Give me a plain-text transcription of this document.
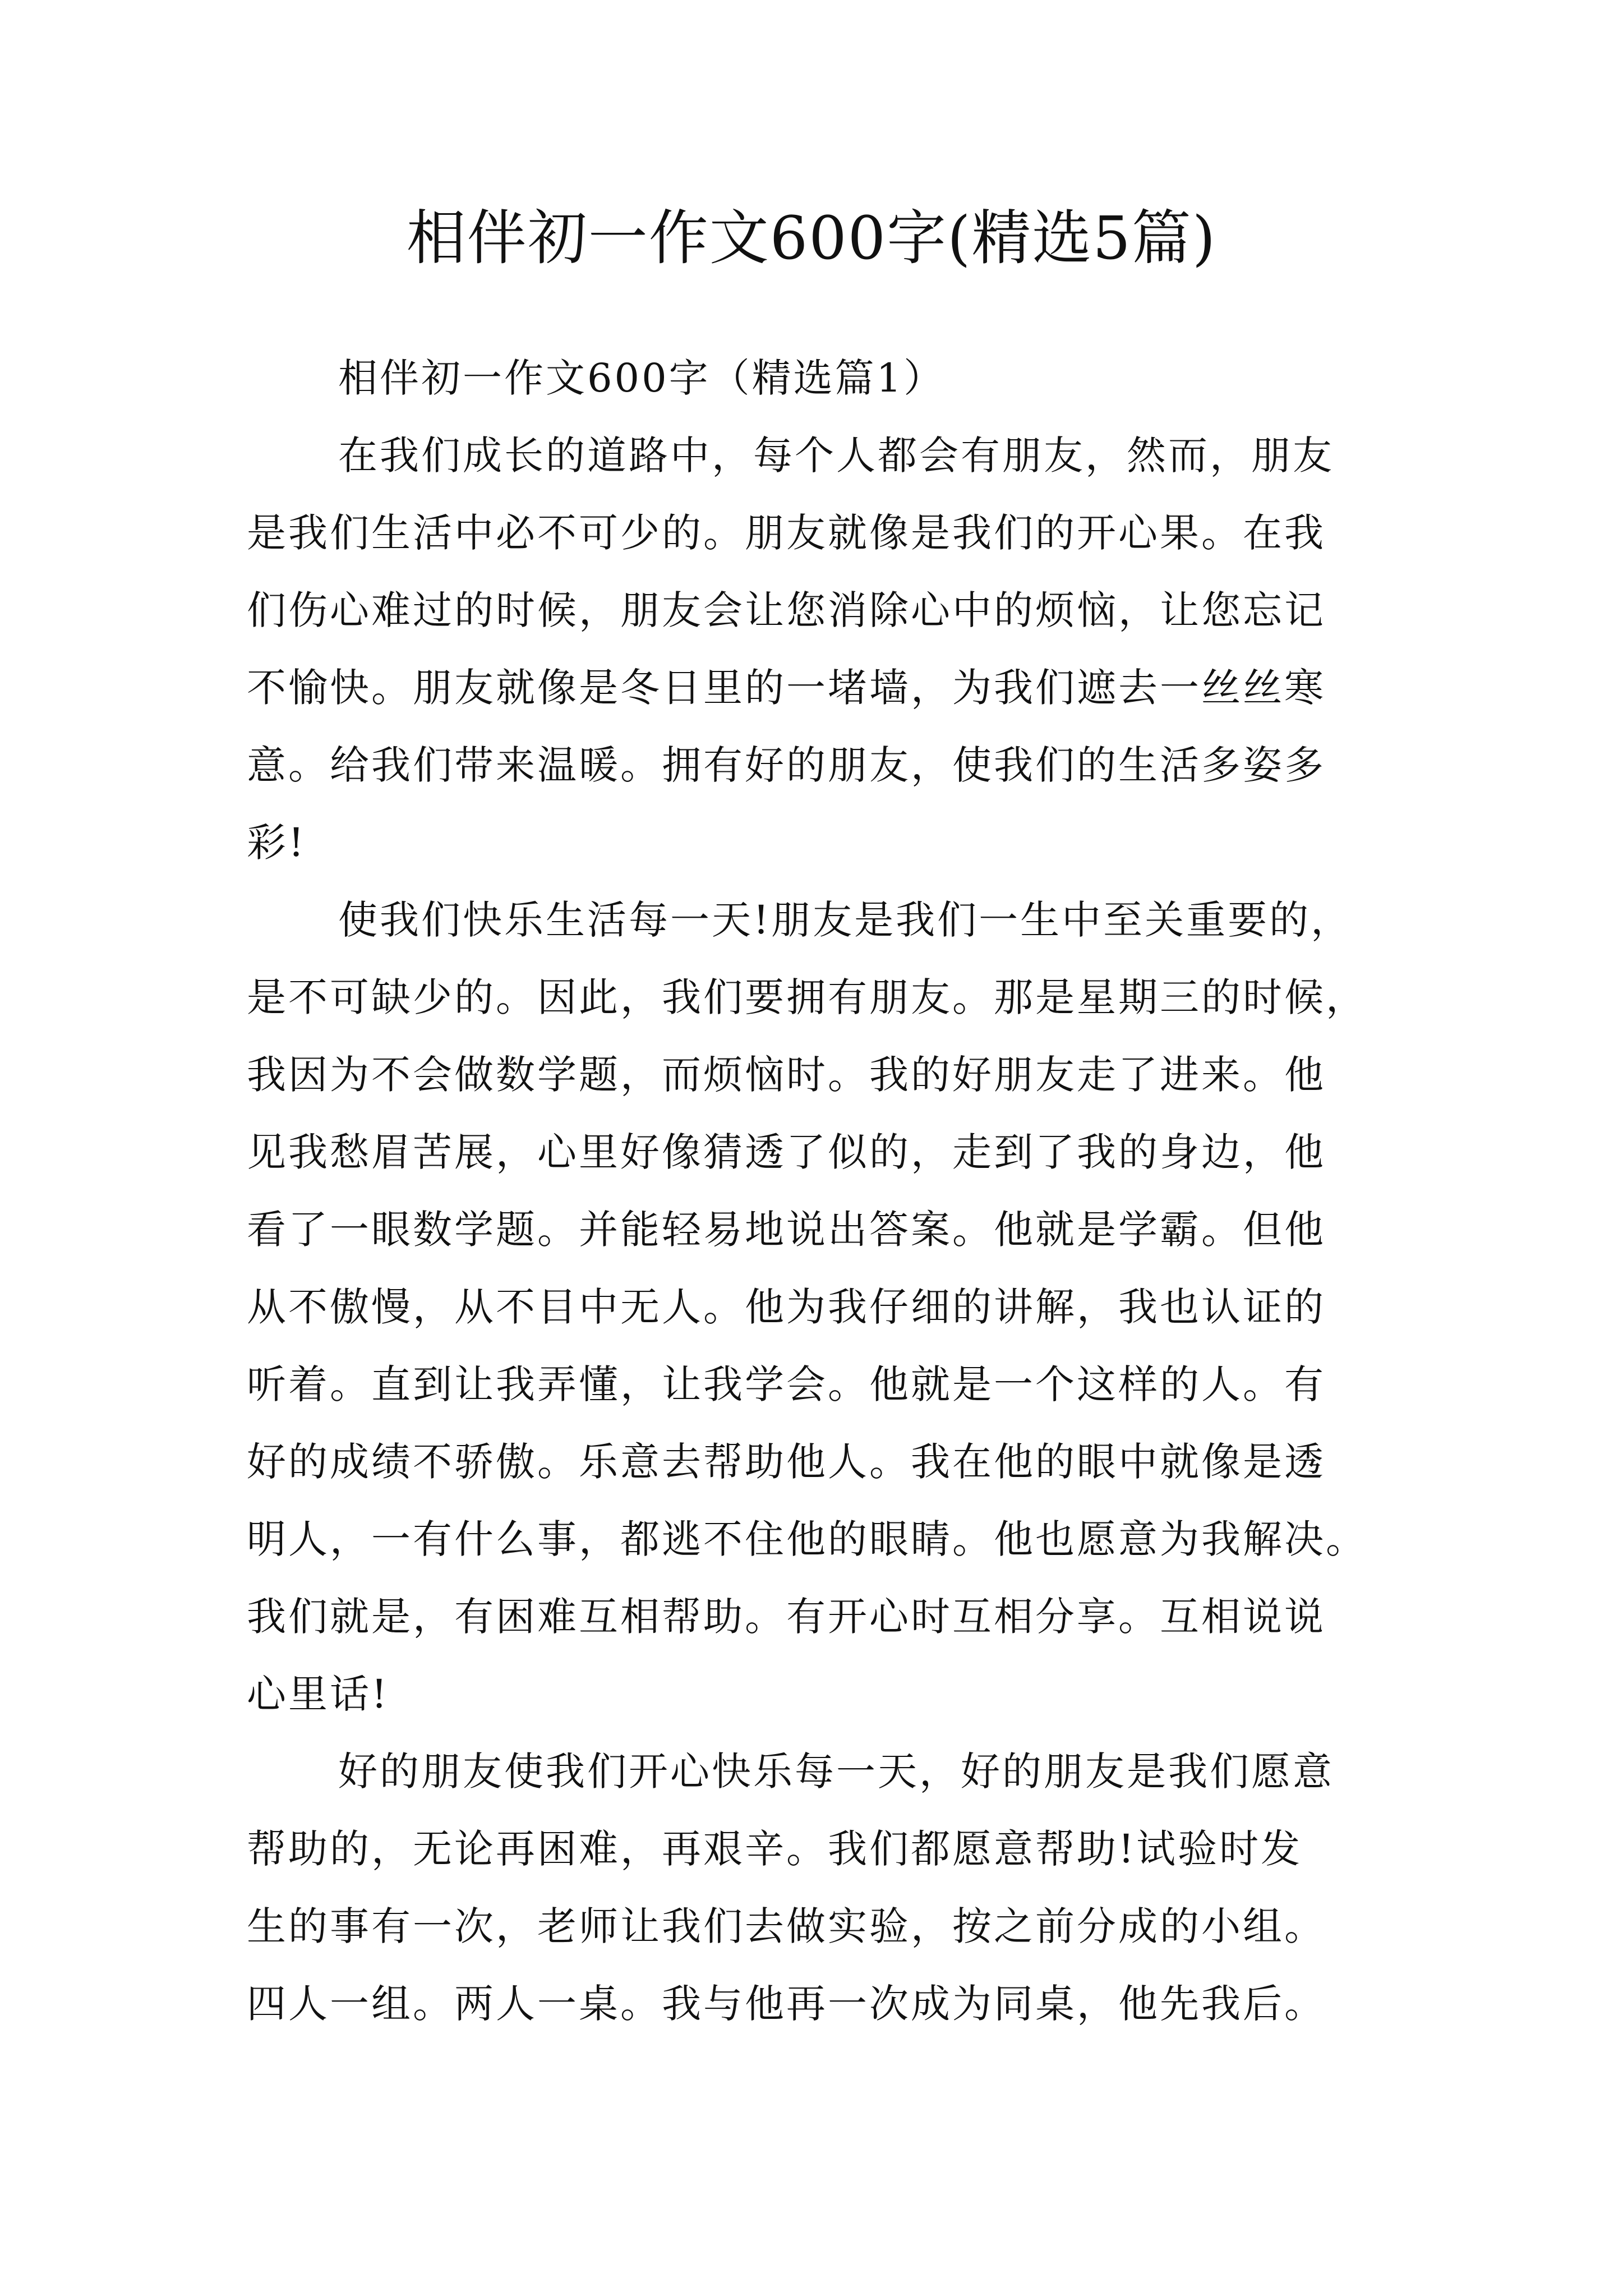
相伴初一作文600字(精选5篇)
相伴初一作文600字（精选篇1）
在我们成长的道路中，每个人都会有朋友，然而，朋友
是我们生活中必不可少的。朋友就像是我们的开心果。在我
们伤心难过的时候，朋友会让您消除心中的烦恼，让您忘记
不愉快。朋友就像是冬日里的一堵墙，为我们遮去一丝丝寒
意。给我们带来温暖。拥有好的朋友，使我们的生活多姿多
彩!
使我们快乐生活每一天!朋友是我们一生中至关重要的，
是不可缺少的。因此，我们要拥有朋友。那是星期三的时候，
我因为不会做数学题，而烦恼时。我的好朋友走了进来。他
见我愁眉苦展，心里好像猜透了似的，走到了我的身边，他
看了一眼数学题。并能轻易地说出答案。他就是学霸。但他
从不傲慢，从不目中无人。他为我仔细的讲解，我也认证的
听着。直到让我弄懂，让我学会。他就是一个这样的人。有
好的成绩不骄傲。乐意去帮助他人。我在他的眼中就像是透
明人，一有什么事，都逃不住他的眼睛。他也愿意为我解决。
我们就是，有困难互相帮助。有开心时互相分享。互相说说
心里话!
好的朋友使我们开心快乐每一天，好的朋友是我们愿意
帮助的，无论再困难，再艰辛。我们都愿意帮助!试验时发
生的事有一次，老师让我们去做实验，按之前分成的小组。
四人一组。两人一桌。我与他再一次成为同桌，他先我后。
